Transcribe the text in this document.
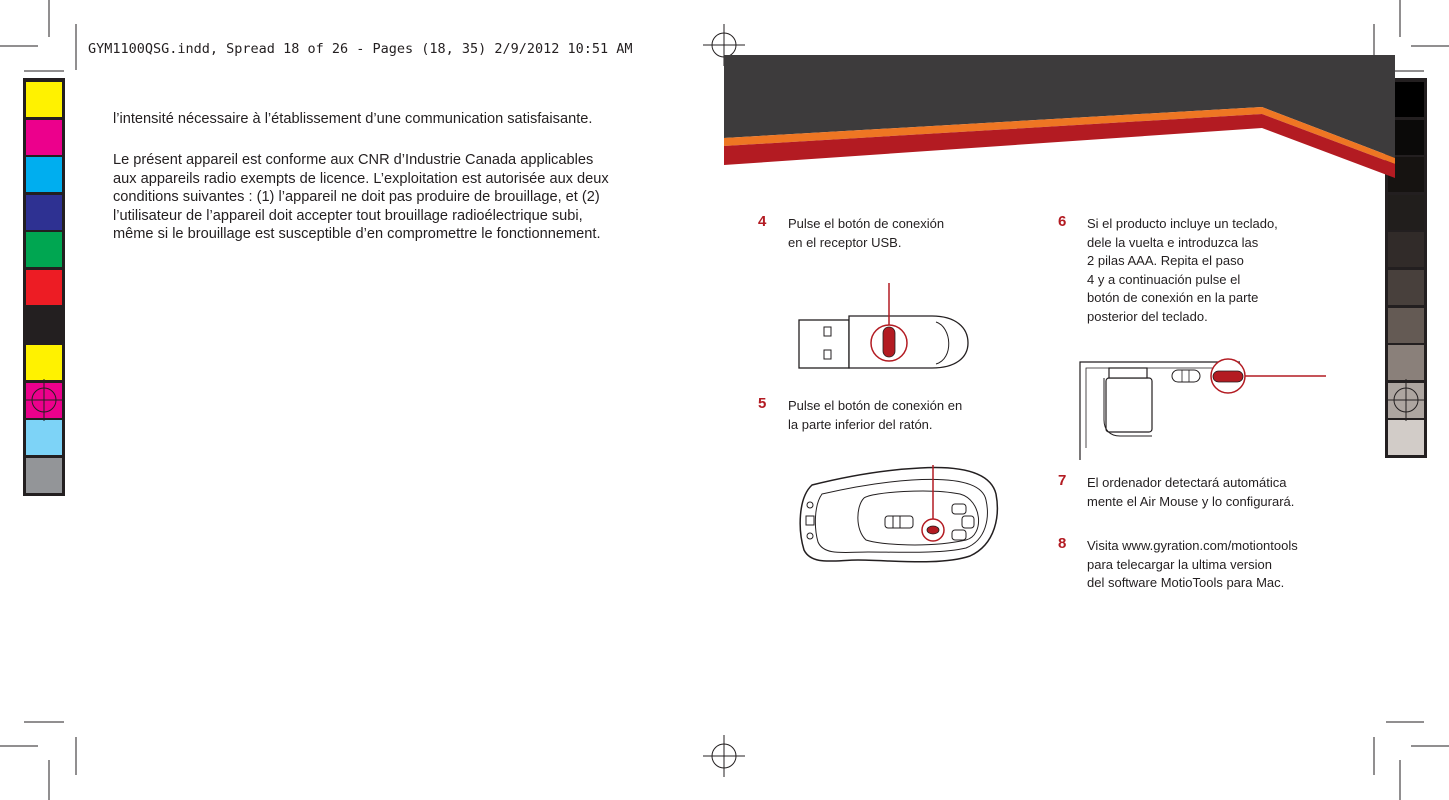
GYM1100QSG.indd, Spread 18 of 26 - Pages (18, 35) 2/9/2012 10:51 AM
l’intensité nécessaire à l’établissement d’une communication satisfaisante.
Le présent appareil est conforme aux CNR d’Industrie Canada applicables
aux appareils radio exempts de licence. L’exploitation est autorisée aux deux
conditions suivantes : (1) l’appareil ne doit pas produire de brouillage, et (2)
l’utilisateur de l’appareil doit accepter tout brouillage radioélectrique subi,
même si le brouillage est susceptible d’en compromettre le fonctionnement.
4 Pulse el botón de conexión
en el receptor USB.
5 Pulse el botón de conexión en
la parte inferior del ratón.
6 Si el producto incluye un teclado,
dele la vuelta e introduzca las
2 pilas AAA. Repita el paso
4 y a continuación pulse el
botón de conexión en la parte
posterior del teclado.
7 El ordenador detectará automática
mente el Air Mouse y lo configurará.
8 Visita www.gyration.com/motiontools
para telecargar la ultima version
del software MotioTools para Mac.
